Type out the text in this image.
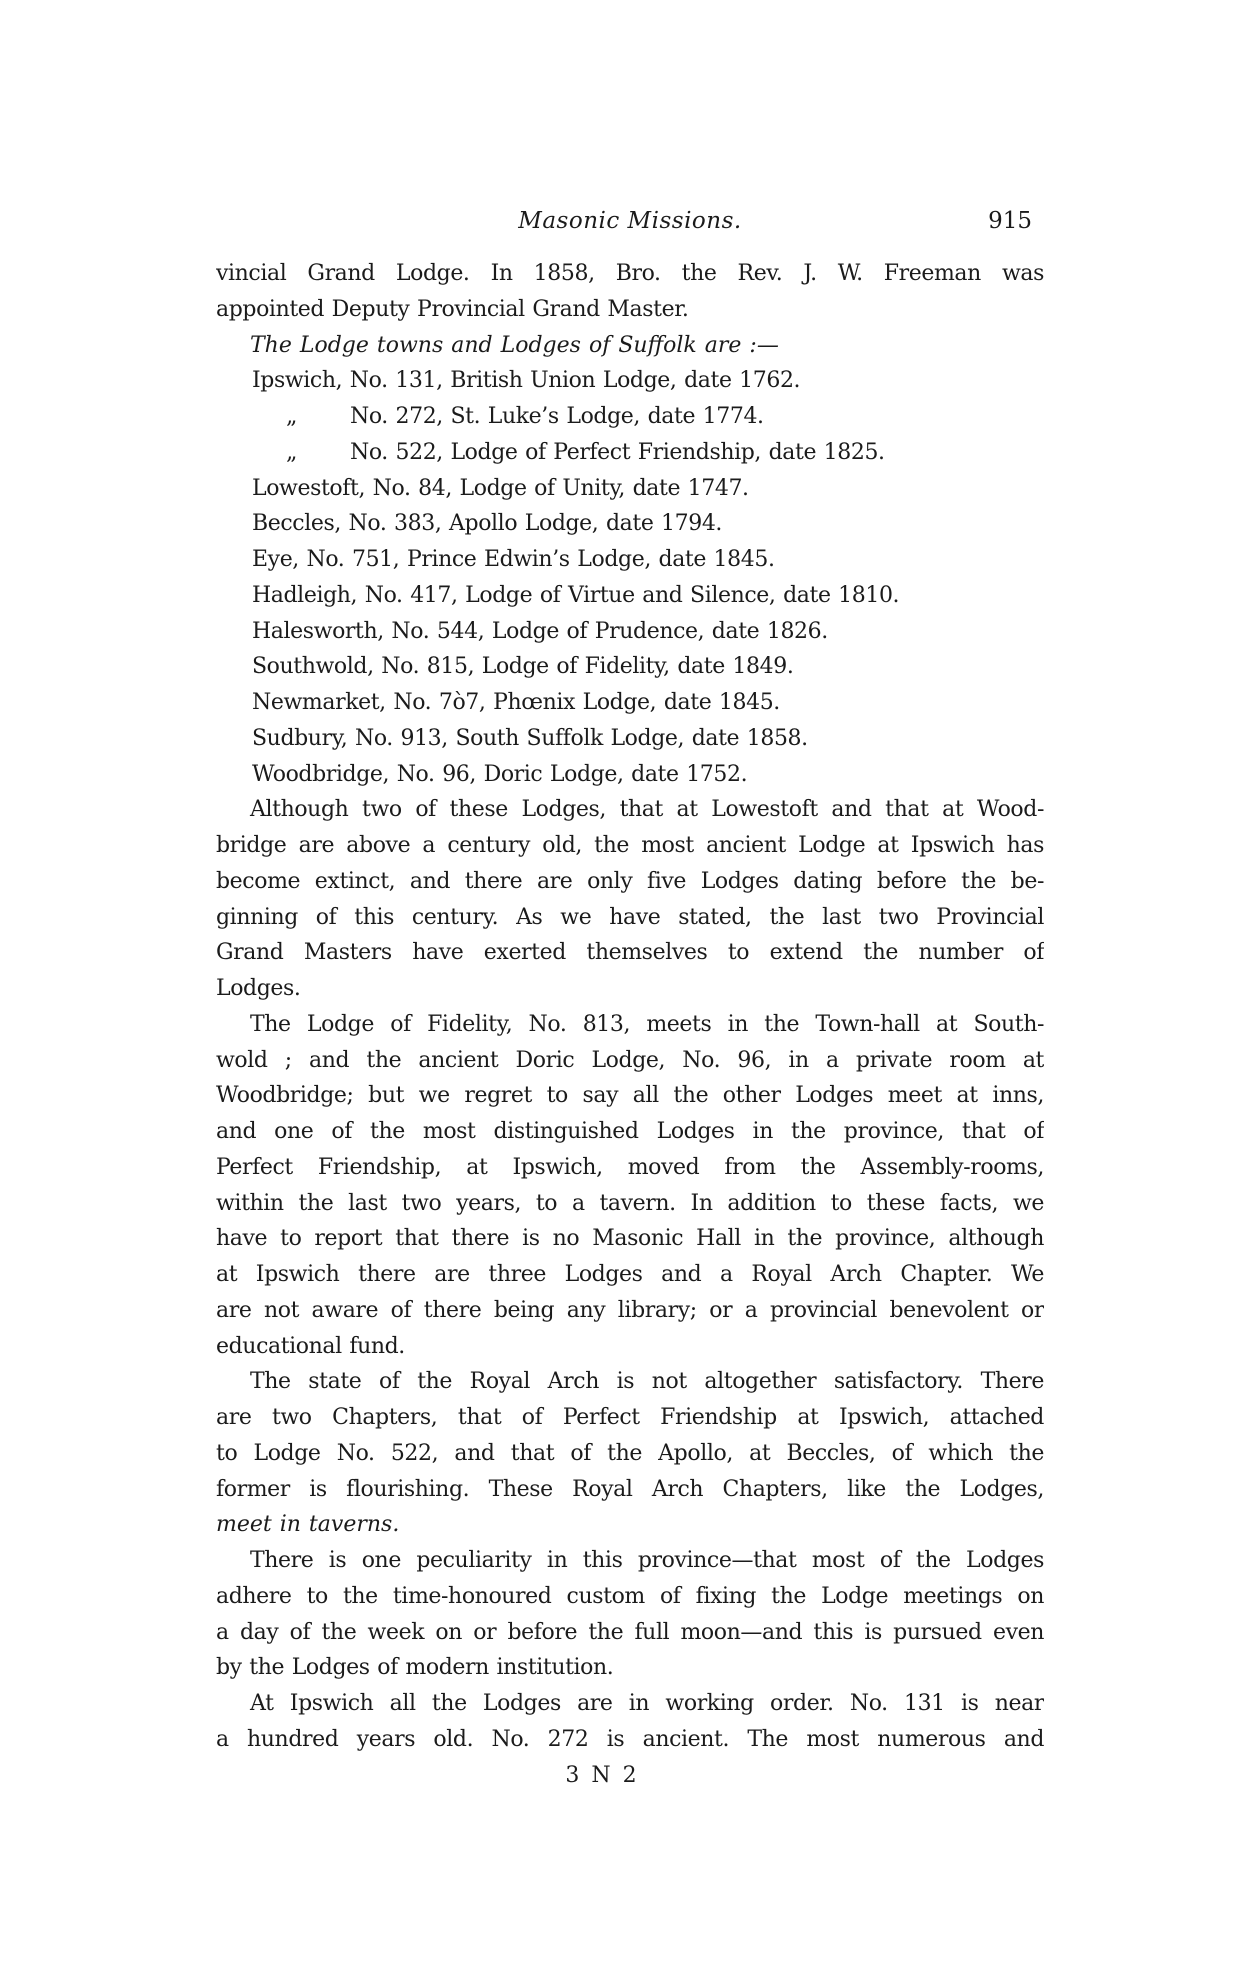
Masonic Missions.	915
vincial Grand Lodge. In 1858, Bro. the Rev. J. W. Freeman was
appointed Deputy Provincial Grand Master.
The Lodge towns and Lodges of Suffolk are :—
Ipswich, No. 131, British Union Lodge, date 1762.
„ No. 272, St. Luke’s Lodge, date 1774.
„ No. 522, Lodge of Perfect Friendship, date 1825.
Lowestoft, No. 84, Lodge of Unity, date 1747.
Beccles, No. 383, Apollo Lodge, date 1794.
Eye, No. 751, Prince Edwin’s Lodge, date 1845.
Hadleigh, No. 417, Lodge of Virtue and Silence, date 1810.
Halesworth, No. 544, Lodge of Prudence, date 1826.
Southwold, No. 815, Lodge of Fidelity, date 1849.
Newmarket, No. 7ò7, Phœnix Lodge, date 1845.
Sudbury, No. 913, South Suffolk Lodge, date 1858.
Woodbridge, No. 96, Doric Lodge, date 1752.
Although two of these Lodges, that at Lowestoft and that at Wood-
bridge are above a century old, the most ancient Lodge at Ipswich has
become extinct, and there are only five Lodges dating before the be-
ginning of this century. As we have stated, the last two Provincial
Grand Masters have exerted themselves to extend the number of
Lodges.
The Lodge of Fidelity, No. 813, meets in the Town-hall at South-
wold ; and the ancient Doric Lodge, No. 96, in a private room at
Woodbridge; but we regret to say all the other Lodges meet at inns,
and one of the most distinguished Lodges in the province, that of
Perfect Friendship, at Ipswich, moved from the Assembly-rooms,
within the last two years, to a tavern. In addition to these facts, we
have to report that there is no Masonic Hall in the province, although
at Ipswich there are three Lodges and a Royal Arch Chapter. We
are not aware of there being any library; or a provincial benevolent or
educational fund.
The state of the Royal Arch is not altogether satisfactory. There
are two Chapters, that of Perfect Friendship at Ipswich, attached
to Lodge No. 522, and that of the Apollo, at Beccles, of which the
former is flourishing. These Royal Arch Chapters, like the Lodges,
meet in taverns.
There is one peculiarity in this province—that most of the Lodges
adhere to the time-honoured custom of fixing the Lodge meetings on
a day of the week on or before the full moon—and this is pursued even
by the Lodges of modern institution.
At Ipswich all the Lodges are in working order. No. 131 is near
a hundred years old. No. 272 is ancient. The most numerous and
3 N 2
